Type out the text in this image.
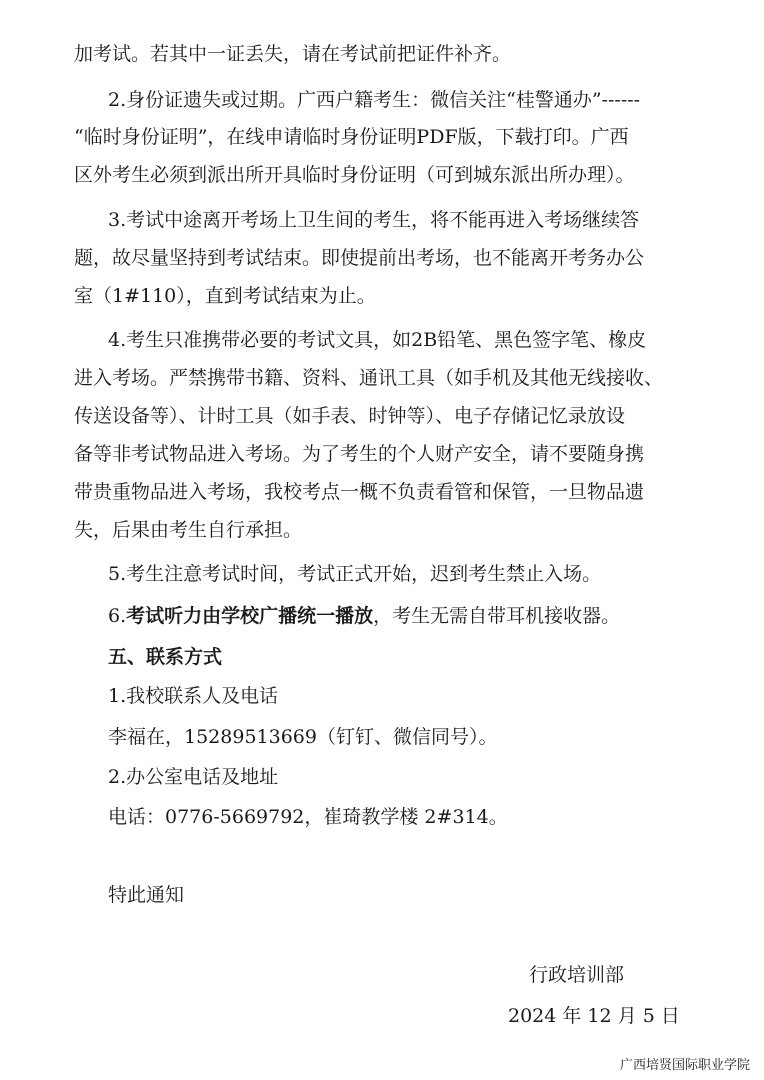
加考试。若其中一证丢失，请在考试前把证件补齐。
2.身份证遗失或过期。广西户籍考生：微信关注“桂警通办”------
“临时身份证明”，在线申请临时身份证明PDF版，下载打印。广西
区外考生必须到派出所开具临时身份证明（可到城东派出所办理）。
3.考试中途离开考场上卫生间的考生，将不能再进入考场继续答
题，故尽量坚持到考试结束。即使提前出考场，也不能离开考务办公
室（1#110），直到考试结束为止。
4.考生只准携带必要的考试文具，如2B铅笔、黑色签字笔、橡皮
进入考场。严禁携带书籍、资料、通讯工具（如手机及其他无线接收、
传送设备等）、计时工具（如手表、时钟等）、电子存储记忆录放设
备等非考试物品进入考场。为了考生的个人财产安全，请不要随身携
带贵重物品进入考场，我校考点一概不负责看管和保管，一旦物品遗
失，后果由考生自行承担。
5.考生注意考试时间，考试正式开始，迟到考生禁止入场。
6.考试听力由学校广播统一播放，考生无需自带耳机接收器。
五、联系方式
1.我校联系人及电话
李福在，15289513669（钉钉、微信同号）。
2.办公室电话及地址
电话：0776-5669792，崔琦教学楼 2#314。
特此通知
行政培训部
2024 年 12 月 5 日
广西培贤国际职业学院
